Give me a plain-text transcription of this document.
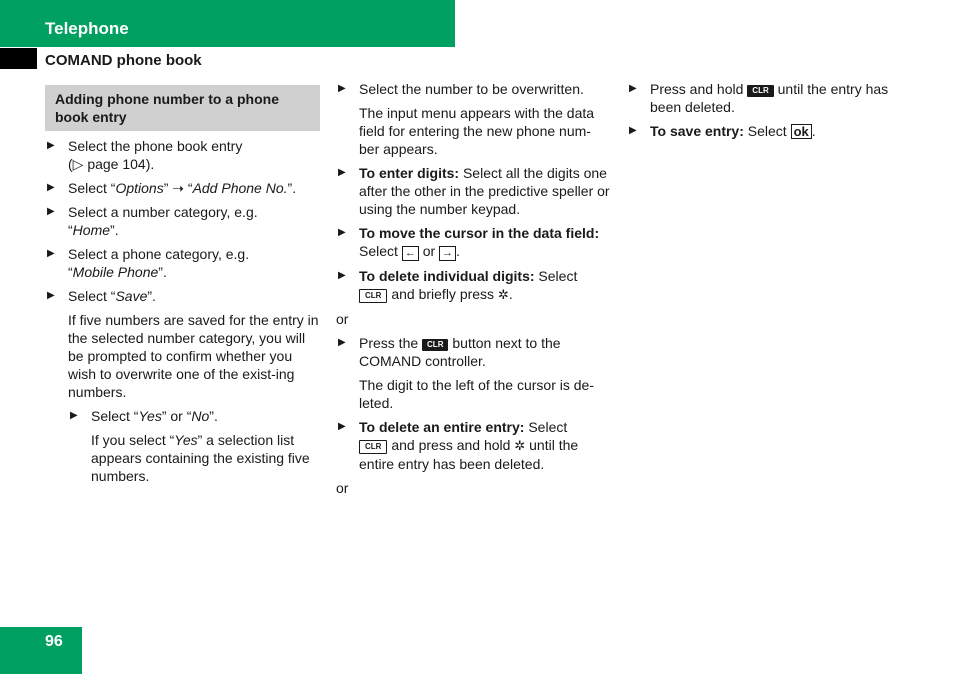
Telephone
COMAND phone book
Adding phone number to a phone book entry
▶ Select the phone book entry
(▷ page 104).
▶ Select “Options” ➝ “Add Phone No.”.
▶ Select a number category, e.g.
“Home”.
▶ Select a phone category, e.g.
“Mobile Phone”.
▶ Select “Save”.
If five numbers are saved for the entry in the selected number category, you will be prompted to confirm whether you wish to overwrite one of the exist-ing numbers.
▶ Select “Yes” or “No”.
If you select “Yes” a selection list appears containing the existing five numbers.
▶ Select the number to be overwritten.
The input menu appears with the data field for entering the new phone num-ber appears.
▶ To enter digits: Select all the digits one after the other in the predictive speller or using the number keypad.
▶ To move the cursor in the data field:
Select ← or → .
▶ To delete individual digits: Select
CLR and briefly press ✲.
or
▶ Press the CLR button next to the COMAND controller.
The digit to the left of the cursor is de-leted.
▶ To delete an entire entry: Select
CLR and press and hold ✲ until the entire entry has been deleted.
or
▶ Press and hold CLR until the entry has been deleted.
▶ To save entry: Select ok .
96
